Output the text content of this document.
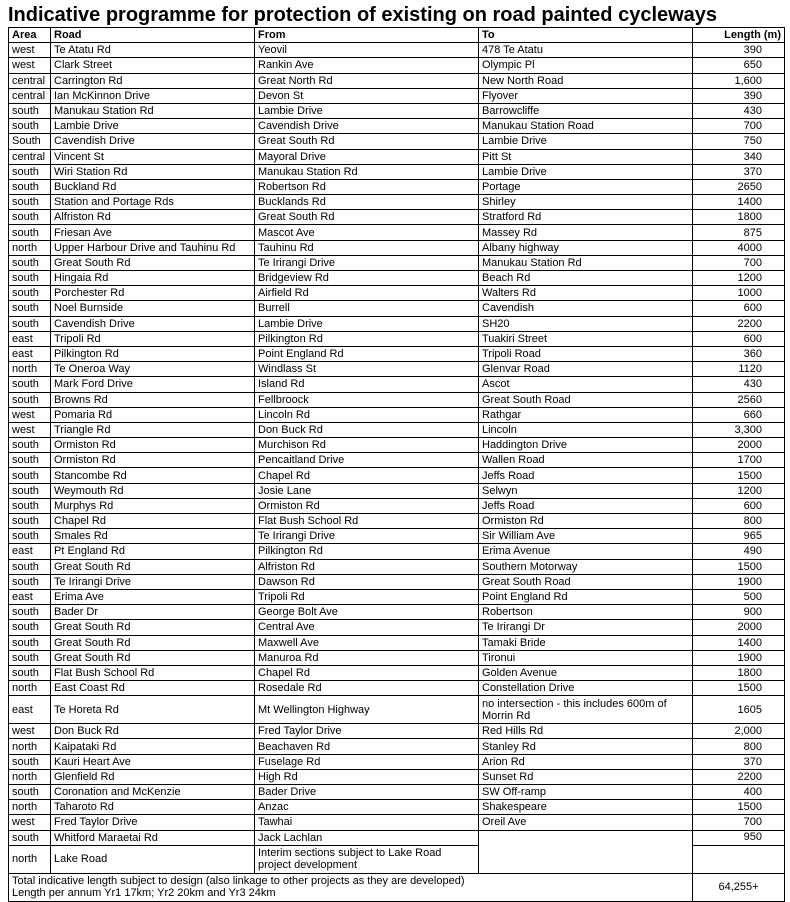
Indicative programme for protection of existing on road painted cycleways
Area	Road	From	To	Length (m)
west	Te Atatu Rd	Yeovil	478 Te Atatu	390
west	Clark Street	Rankin Ave	Olympic Pl	650
central	Carrington Rd	Great North Rd	New North Road	1,600
central	Ian McKinnon Drive	Devon St	Flyover	390
south	Manukau Station Rd	Lambie Drive	Barrowcliffe	430
south	Lambie Drive	Cavendish Drive	Manukau Station Road	700
South	Cavendish Drive	Great South Rd	Lambie Drive	750
central	Vincent St	Mayoral Drive	Pitt St	340
south	Wiri Station Rd	Manukau Station Rd	Lambie Drive	370
south	Buckland Rd	Robertson Rd	Portage	2650
south	Station and Portage Rds	Bucklands Rd	Shirley	1400
south	Alfriston Rd	Great South Rd	Stratford Rd	1800
south	Friesan Ave	Mascot Ave	Massey Rd	875
north	Upper Harbour Drive and Tauhinu Rd	Tauhinu Rd	Albany highway	4000
south	Great South Rd	Te Irirangi Drive	Manukau Station Rd	700
south	Hingaia Rd	Bridgeview Rd	Beach Rd	1200
south	Porchester Rd	Airfield Rd	Walters Rd	1000
south	Noel Burnside	Burrell	Cavendish	600
south	Cavendish Drive	Lambie Drive	SH20	2200
east	Tripoli Rd	Pilkington Rd	Tuakiri Street	600
east	Pilkington Rd	Point England Rd	Tripoli Road	360
north	Te Oneroa Way	Windlass St	Glenvar Road	1120
south	Mark Ford Drive	Island Rd	Ascot	430
south	Browns Rd	Fellbroock	Great South Road	2560
west	Pomaria Rd	Lincoln Rd	Rathgar	660
west	Triangle Rd	Don Buck Rd	Lincoln	3,300
south	Ormiston Rd	Murchison Rd	Haddington Drive	2000
south	Ormiston Rd	Pencaitland Drive	Wallen Road	1700
south	Stancombe Rd	Chapel Rd	Jeffs Road	1500
south	Weymouth Rd	Josie Lane	Selwyn	1200
south	Murphys Rd	Ormiston Rd	Jeffs Road	600
south	Chapel Rd	Flat Bush School Rd	Ormiston Rd	800
south	Smales Rd	Te Irirangi Drive	Sir William Ave	965
east	Pt England Rd	Pilkington Rd	Erima Avenue	490
south	Great South Rd	Alfriston Rd	Southern Motorway	1500
south	Te Irirangi Drive	Dawson Rd	Great South Road	1900
east	Erima Ave	Tripoli Rd	Point England Rd	500
south	Bader Dr	George Bolt Ave	Robertson	900
south	Great South Rd	Central Ave	Te Irirangi Dr	2000
south	Great South Rd	Maxwell Ave	Tamaki Bride	1400
south	Great South Rd	Manuroa Rd	Tironui	1900
south	Flat Bush School Rd	Chapel Rd	Golden Avenue	1800
north	East Coast Rd	Rosedale Rd	Constellation Drive	1500
east	Te Horeta Rd	Mt Wellington Highway	no intersection - this includes 600m of Morrin Rd	1605
west	Don Buck Rd	Fred Taylor Drive	Red Hills Rd	2,000
north	Kaipataki Rd	Beachaven Rd	Stanley Rd	800
south	Kauri Heart Ave	Fuselage Rd	Arion Rd	370
north	Glenfield Rd	High Rd	Sunset Rd	2200
south	Coronation and McKenzie	Bader Drive	SW Off-ramp	400
north	Taharoto Rd	Anzac	Shakespeare	1500
west	Fred Taylor Drive	Tawhai	Oreil Ave	700
south	Whitford Maraetai Rd	Jack Lachlan		950
north	Lake Road	Interim sections subject to Lake Road project development		

Total indicative length subject to design (also linkage to other projects as they are developed)
Length per annum Yr1 17km; Yr2 20km and Yr3 24km				64,255+
